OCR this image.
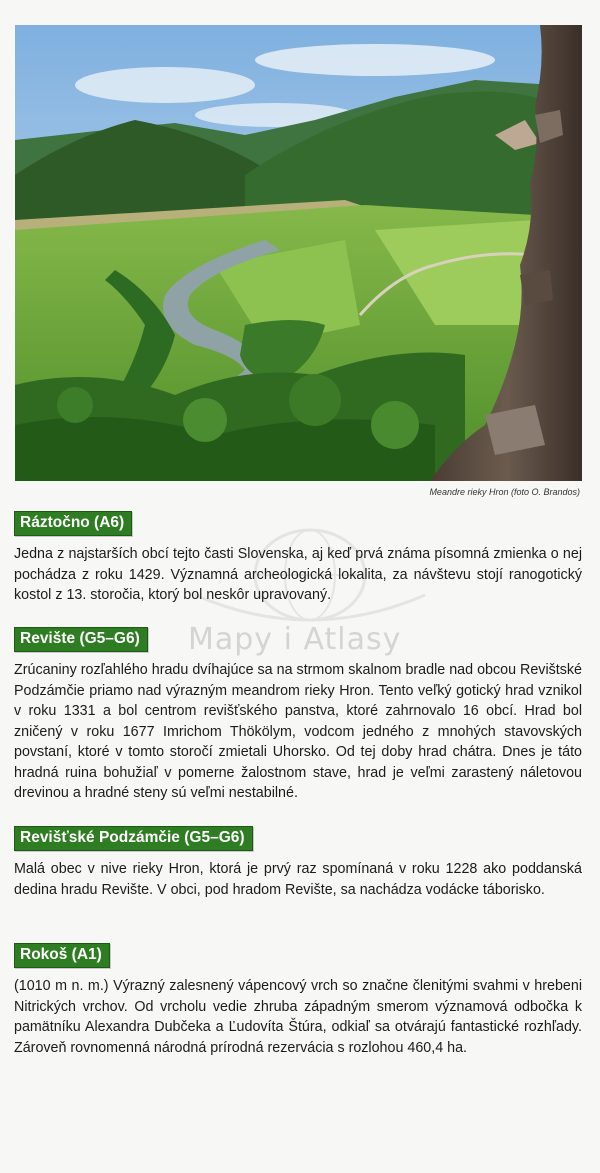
Meandre rieky Hron (foto O. Brandos)
Mapy i Atlasy
Ráztočno (A6)
Jedna z najstarších obcí tejto časti Slovenska, aj keď prvá známa písomná zmienka o nej pochádza z roku 1429. Významná archeologická lokalita, za návštevu stojí ranogotický kostol z 13. storočia, ktorý bol neskôr upravovaný.
Revište (G5–G6)
Zrúcaniny rozľahlého hradu dvíhajúce sa na strmom skalnom bradle nad obcou Revištské Podzámčie priamo nad výrazným meandrom rieky Hron. Tento veľký gotický hrad vznikol v roku 1331 a bol centrom revišťského panstva, ktoré zahrnovalo 16 obcí. Hrad bol zničený v roku 1677 Imrichom Thökölym, vodcom jedného z mnohých stavovských povstaní, ktoré v tomto storočí zmietali Uhorsko. Od tej doby hrad chátra. Dnes je táto hradná ruina bohužiaľ v pomerne žalostnom stave, hrad je veľmi zarastený náletovou drevinou a hradné steny sú veľmi nestabilné.
Revišťské Podzámčie (G5–G6)
Malá obec v nive rieky Hron, ktorá je prvý raz spomínaná v roku 1228 ako poddanská dedina hradu Revište. V obci, pod hradom Revište, sa nachádza vodácke táborisko.
Rokoš (A1)
(1010 m n. m.) Výrazný zalesnený vápencový vrch so značne členitými svahmi v hrebeni Nitrických vrchov. Od vrcholu vedie zhruba západným smerom významová odbočka k pamätníku Alexandra Dubčeka a Ľudovíta Štúra, odkiaľ sa otvárajú fantastické rozhľady. Zároveň rovnomenná národná prírodná rezervácia s rozlohou 460,4 ha.
